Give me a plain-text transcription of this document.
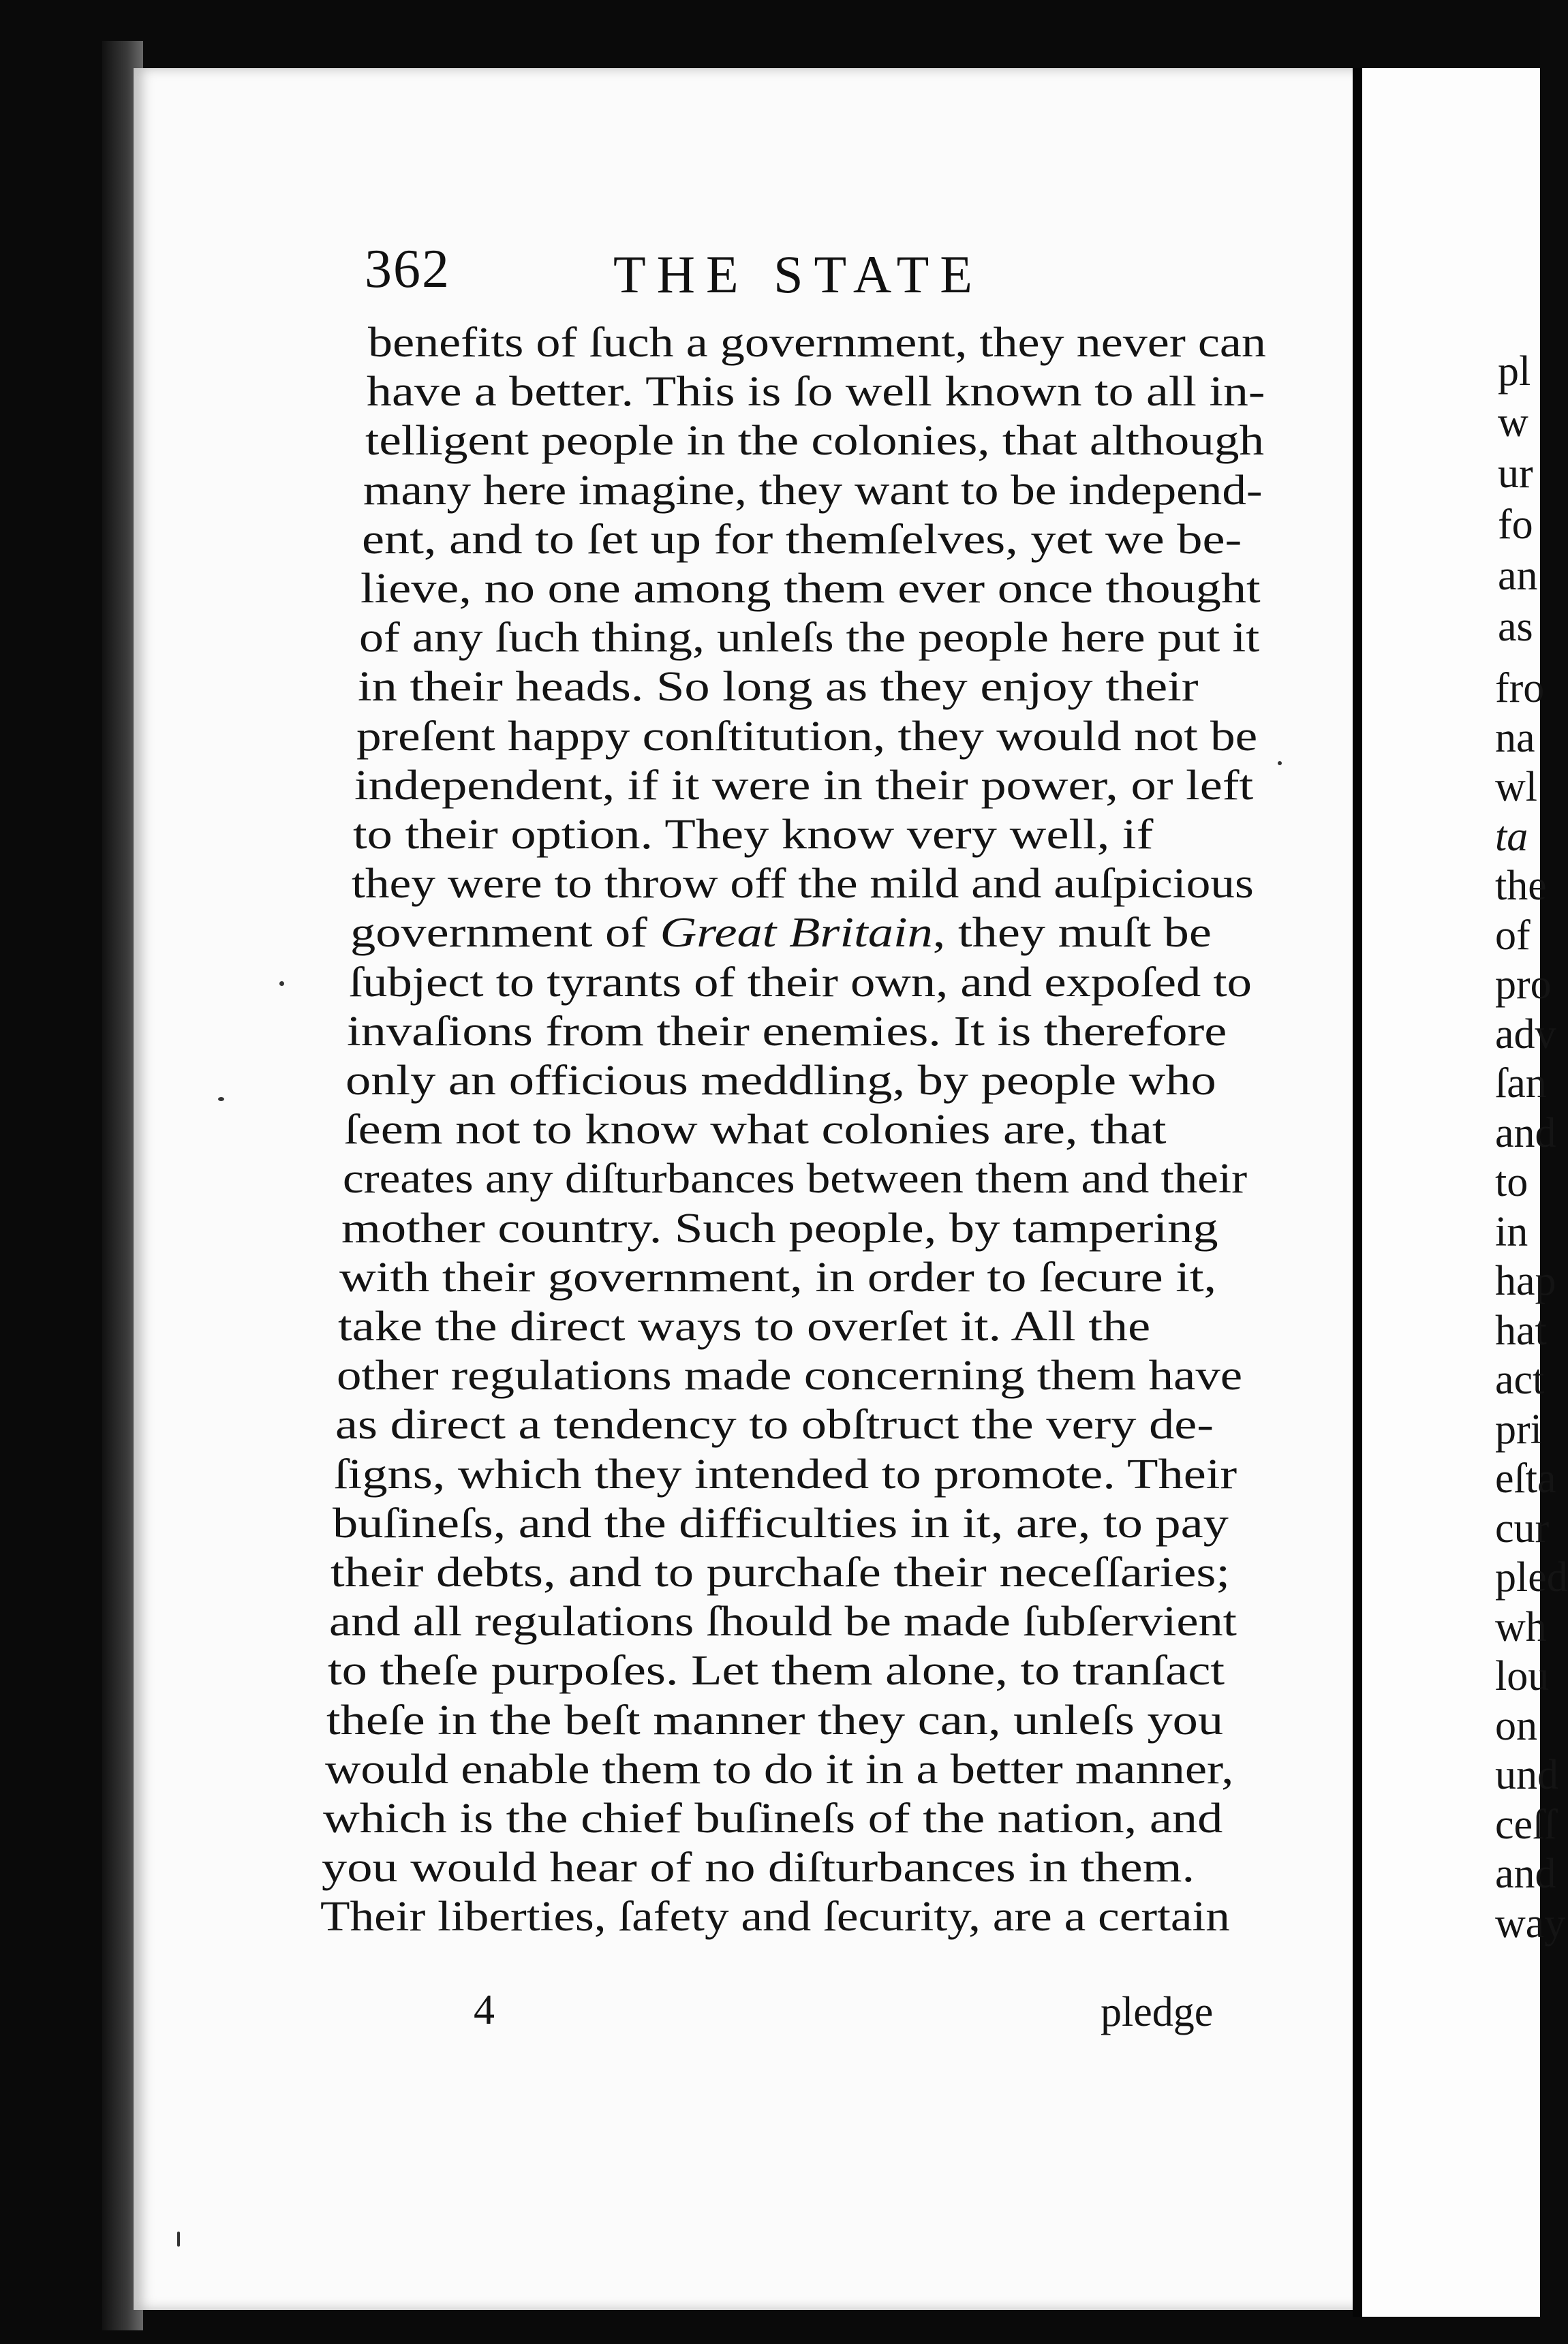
362	THE STATE
benefits of ſuch a government, they never can
have a better. This is ſo well known to all in-
telligent people in the colonies, that although
many here imagine, they want to be independ-
ent, and to ſet up for themſelves, yet we be-
lieve, no one among them ever once thought
of any ſuch thing, unleſs the people here put it
in their heads. So long as they enjoy their
preſent happy conſtitution, they would not be
independent, if it were in their power, or left
to their option. They know very well, if
they were to throw off the mild and auſpicious
government of Great Britain, they muſt be
ſubject to tyrants of their own, and expoſed to
invaſions from their enemies. It is therefore
only an officious meddling, by people who
ſeem not to know what colonies are, that
creates any diſturbances between them and their
mother country. Such people, by tampering
with their government, in order to ſecure it,
take the direct ways to overſet it. All the
other regulations made concerning them have
as direct a tendency to obſtruct the very de-
ſigns, which they intended to promote. Their
buſineſs, and the difficulties in it, are, to pay
their debts, and to purchaſe their neceſſaries;
and all regulations ſhould be made ſubſervient
to theſe purpoſes. Let them alone, to tranſact
theſe in the beſt manner they can, unleſs you
would enable them to do it in a better manner,
which is the chief buſineſs of the nation, and
you would hear of no diſturbances in them.
Their liberties, ſafety and ſecurity, are a certain
4	pledge
pl
w
ur
fo
an
as
fro
na
wl
ta
the
of
pro
adv
ſan
and
to
in
hap
hat
act
pri
eſta
cur
pled
wh
lou
on
und
ceſſ
and
way
